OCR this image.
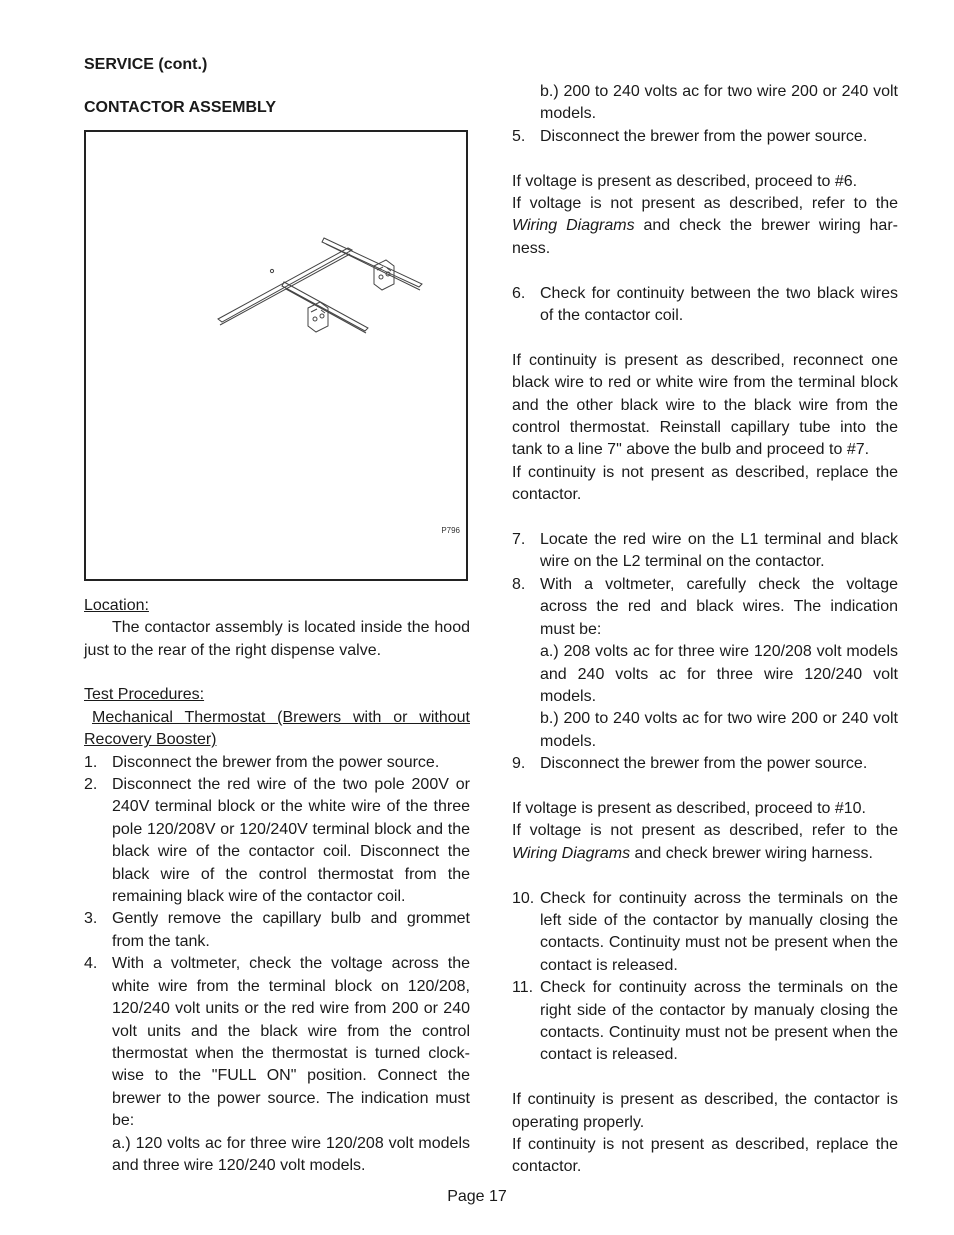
SERVICE (cont.)
CONTACTOR ASSEMBLY
P796
Location:

The contactor assembly is located inside the hood just to the rear of the right dispense valve.

Test Procedures:

Mechanical Thermostat (Brewers with or without Recovery Booster)

1. Disconnect the brewer from the power source.
2. Disconnect the red wire of the two pole 200V or 240V terminal block or the white wire of the three pole 120/208V or 120/240V terminal block and the black wire of the contactor coil. Disconnect the black wire of the control thermostat from the remaining black wire of the contactor coil.
3. Gently remove the capillary bulb and grommet from the tank.
4. With a voltmeter, check the voltage across the white wire from the terminal block on 120/208, 120/240 volt units or the red wire from 200 or 240 volt units and the black wire from the control thermostat when the thermostat is turned clock-wise to the "FULL ON" position. Connect the brewer to the power source. The indication must be:
a.) 120 volts ac for three wire 120/208 volt models and three wire 120/240 volt models.
b.) 200 to 240 volts ac for two wire 200 or 240 volt models.
5. Disconnect the brewer from the power source.

If voltage is present as described, proceed to #6.

If voltage is not present as described, refer to the Wiring Diagrams and check the brewer wiring har-ness.

6. Check for continuity between the two black wires of the contactor coil.

If continuity is present as described, reconnect one black wire to red or white wire from the terminal block and the other black wire to the black wire from the control thermostat. Reinstall capillary tube into the tank to a line 7" above the bulb and proceed to #7.

If continuity is not present as described, replace the contactor.

7. Locate the red wire on the L1 terminal and black wire on the L2 terminal on the contactor.
8. With a voltmeter, carefully check the voltage across the red and black wires. The indication must be:
a.) 208 volts ac for three wire 120/208 volt models and 240 volts ac for three wire 120/240 volt models.
b.) 200 to 240 volts ac for two wire 200 or 240 volt models.
9. Disconnect the brewer from the power source.

If voltage is present as described, proceed to #10.

If voltage is not present as described, refer to the Wiring Diagrams and check brewer wiring harness.

10. Check for continuity across the terminals on the left side of the contactor by manually closing the contacts. Continuity must not be present when the contact is released.
11. Check for continuity across the terminals on the right side of the contactor by manualy closing the contacts. Continuity must not be present when the contact is released.

If continuity is present as described, the contactor is operating properly.

If continuity is not present as described, replace the contactor.

Page 17
